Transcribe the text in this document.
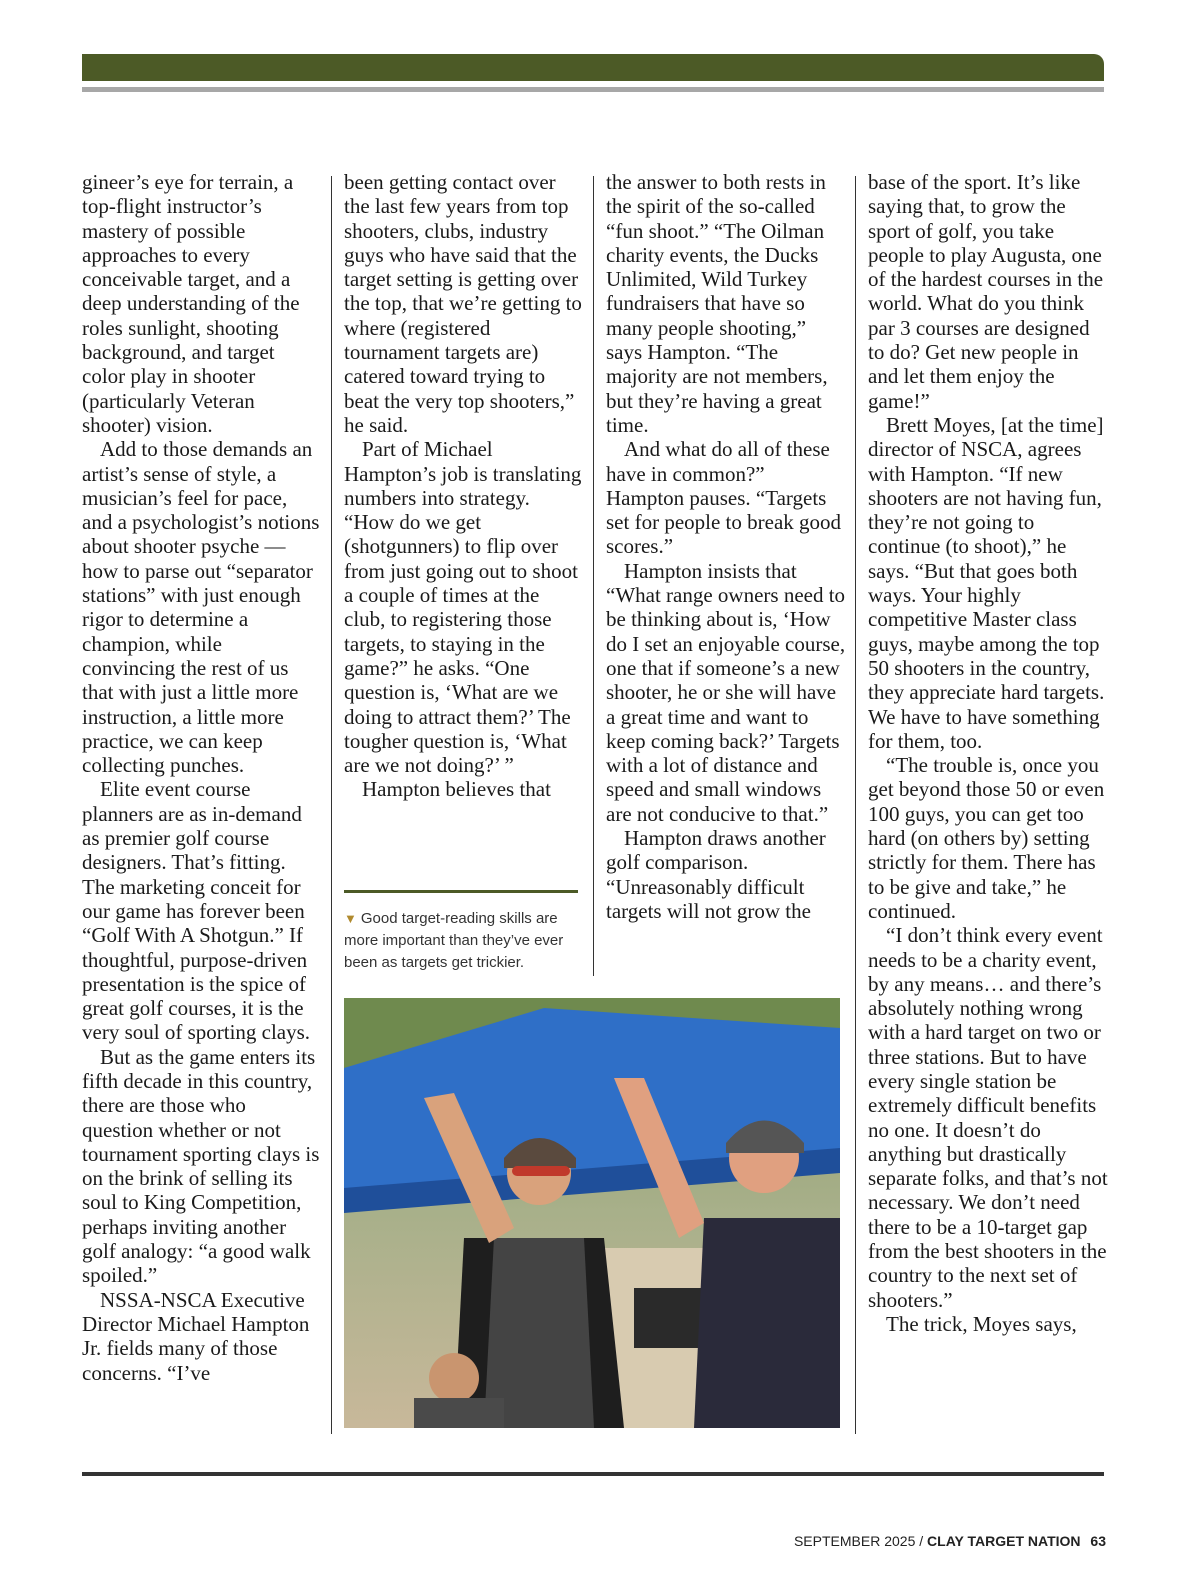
gineer’s eye for terrain, a top-flight instructor’s mastery of possible approaches to every conceivable target, and a deep understanding of the roles sunlight, shooting background, and target color play in shooter (particularly Veteran shooter) vision.

Add to those demands an artist’s sense of style, a musician’s feel for pace, and a psychologist’s notions about shooter psyche — how to parse out “separator stations” with just enough rigor to determine a champion, while convincing the rest of us that with just a little more instruction, a little more practice, we can keep collecting punches.

Elite event course planners are as in-demand as premier golf course designers. That’s fitting. The marketing conceit for our game has forever been “Golf With A Shotgun.” If thoughtful, purpose-driven presentation is the spice of great golf courses, it is the very soul of sporting clays.

But as the game enters its fifth decade in this country, there are those who question whether or not tournament sporting clays is on the brink of selling its soul to King Competition, perhaps inviting another golf analogy: “a good walk spoiled.”

NSSA-NSCA Executive Director Michael Hampton Jr. fields many of those concerns. “I’ve

been getting contact over the last few years from top shooters, clubs, industry guys who have said that the target setting is getting over the top, that we’re getting to where (registered tournament targets are) catered toward trying to beat the very top shooters,” he said.

Part of Michael Hampton’s job is translating numbers into strategy. “How do we get (shotgunners) to flip over from just going out to shoot a couple of times at the club, to registering those targets, to staying in the game?” he asks. “One question is, ‘What are we doing to attract them?’ The tougher question is, ‘What are we not doing?’ ”

Hampton believes that

the answer to both rests in the spirit of the so-called “fun shoot.” “The Oilman charity events, the Ducks Unlimited, Wild Turkey fundraisers that have so many people shooting,” says Hampton. “The majority are not members, but they’re having a great time.

And what do all of these have in common?” Hampton pauses. “Targets set for people to break good scores.”

Hampton insists that “What range owners need to be thinking about is, ‘How do I set an enjoyable course, one that if someone’s a new shooter, he or she will have a great time and want to keep coming back?’ Targets with a lot of distance and speed and small windows are not conducive to that.”

Hampton draws another golf comparison. “Unreasonably difficult targets will not grow the

base of the sport. It’s like saying that, to grow the sport of golf, you take people to play Augusta, one of the hardest courses in the world. What do you think par 3 courses are designed to do? Get new people in and let them enjoy the game!”

Brett Moyes, [at the time] director of NSCA, agrees with Hampton. “If new shooters are not having fun, they’re not going to continue (to shoot),” he says. “But that goes both ways. Your highly competitive Master class guys, maybe among the top 50 shooters in the country, they appreciate hard targets. We have to have something for them, too.

“The trouble is, once you get beyond those 50 or even 100 guys, you can get too hard (on others by) setting strictly for them. There has to be give and take,” he continued.

“I don’t think every event needs to be a charity event, by any means… and there’s absolutely nothing wrong with a hard target on two or three stations. But to have every single station be extremely difficult benefits no one. It doesn’t do anything but drastically separate folks, and that’s not necessary. We don’t need there to be a 10-target gap from the best shooters in the country to the next set of shooters.”

The trick, Moyes says,

▼ Good target-reading skills are more important than they’ve ever been as targets get trickier.
SEPTEMBER 2025 / CLAY TARGET NATION 63
